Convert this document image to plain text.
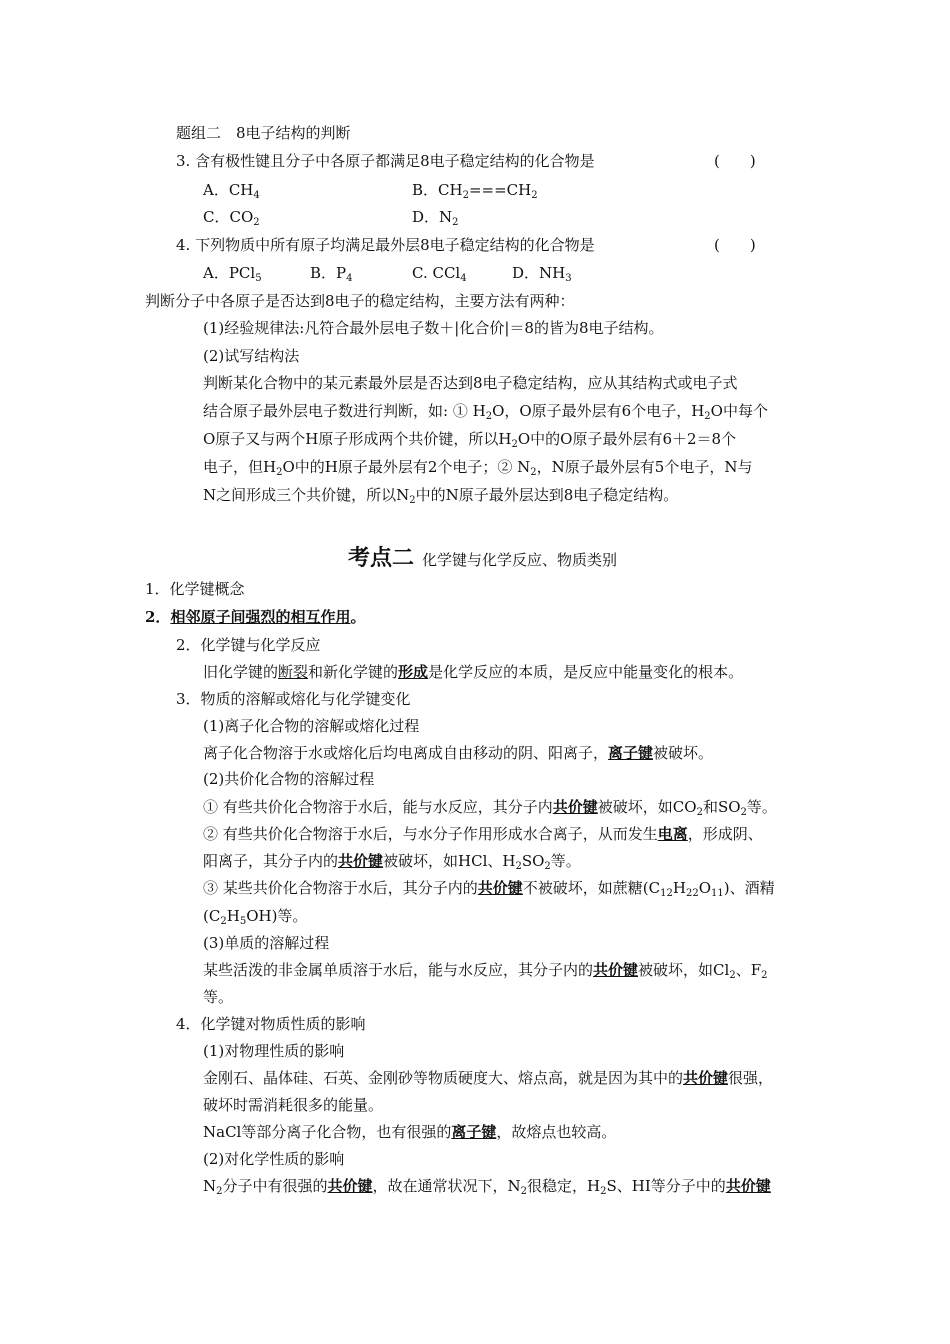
题组二　8电子结构的判断
3. 含有极性键且分子中各原子都满足8电子稳定结构的化合物是	(　　)
A．$CH_4$	B．$CH_2===CH_2$
C．$CO_2$	D．$N_2$
4. 下列物质中所有原子均满足最外层8电子稳定结构的化合物是	(　　)
A．PCl$_5$	B．$P_4$	C. CCl$_4$	D．$NH_3$
判断分子中各原子是否达到8电子的稳定结构，主要方法有两种：
(1)经验规律法:凡符合最外层电子数＋|化合价|＝8的皆为8电子结构。
(2)试写结构法
判断某化合物中的某元素最外层是否达到8电子稳定结构，应从其结构式或电子式
结合原子最外层电子数进行判断，如: ① $H_2O$，O原子最外层有6个电子，$H_2O$中每个
O原子又与两个H原子形成两个共价键，所以$H_2O$中的O原子最外层有6＋2＝8个
电子，但$H_2O$中的H原子最外层有2个电子；② $N_2$，N原子最外层有5个电子，N与
N之间形成三个共价键，所以$N_2$中的N原子最外层达到8电子稳定结构。
考点二 化学键与化学反应、物质类别
1．化学键概念
2．相邻原子间强烈的相互作用。
2．化学键与化学反应
旧化学键的断裂和新化学键的形成是化学反应的本质，是反应中能量变化的根本。
3．物质的溶解或熔化与化学键变化
(1)离子化合物的溶解或熔化过程
离子化合物溶于水或熔化后均电离成自由移动的阴、阳离子，离子键被破坏。
(2)共价化合物的溶解过程
① 有些共价化合物溶于水后，能与水反应，其分子内共价键被破坏，如$CO_2$和$SO_2$等。
② 有些共价化合物溶于水后，与水分子作用形成水合离子，从而发生电离，形成阴、
阳离子，其分子内的共价键被破坏，如HCl、$H_2SO_2$等。
③ 某些共价化合物溶于水后，其分子内的共价键不被破坏，如蔗糖$(C_{12}H_{22}O_{11})$、酒精
$(C_2H_5OH)$等。
(3)单质的溶解过程
某些活泼的非金属单质溶于水后，能与水反应，其分子内的共价键被破坏，如$Cl_2$、$F_2$
等。
4．化学键对物质性质的影响
(1)对物理性质的影响
金刚石、晶体硅、石英、金刚砂等物质硬度大、熔点高，就是因为其中的共价键很强，
破坏时需消耗很多的能量。
NaCl等部分离子化合物，也有很强的离子键，故熔点也较高。
(2)对化学性质的影响
$N_2$分子中有很强的共价键，故在通常状况下，$N_2$很稳定，$H_2S$、HI等分子中的共价键
